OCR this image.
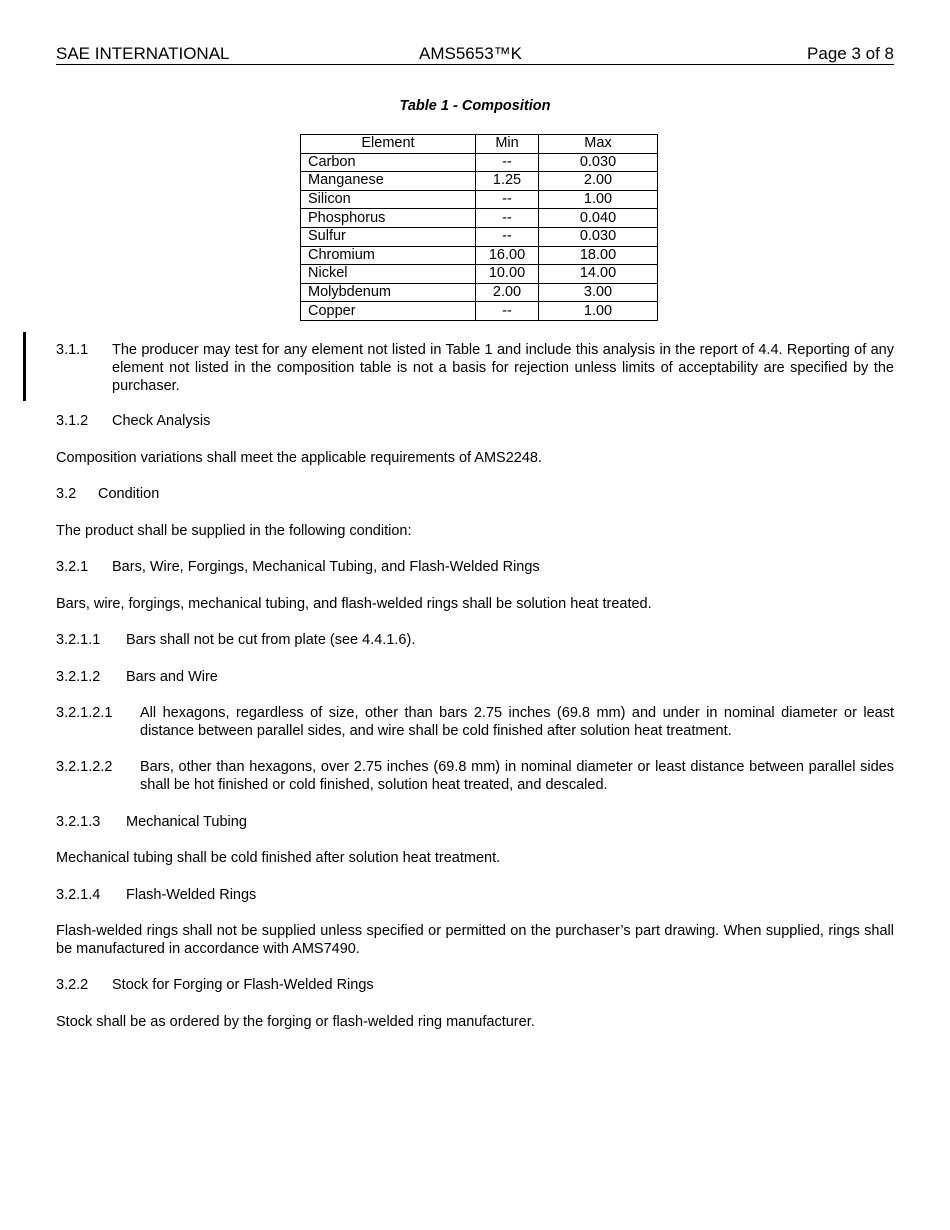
SAE INTERNATIONAL	AMS5653™K	Page 3 of 8
Table 1 - Composition
Element	Min	Max
Carbon	--	0.030
Manganese	1.25	2.00
Silicon	--	1.00
Phosphorus	--	0.040
Sulfur	--	0.030
Chromium	16.00	18.00
Nickel	10.00	14.00
Molybdenum	2.00	3.00
Copper	--	1.00
3.1.1	The producer may test for any element not listed in Table 1 and include this analysis in the report of 4.4. Reporting of any element not listed in the composition table is not a basis for rejection unless limits of acceptability are specified by the purchaser.
3.1.2	Check Analysis
Composition variations shall meet the applicable requirements of AMS2248.
3.2	Condition
The product shall be supplied in the following condition:
3.2.1	Bars, Wire, Forgings, Mechanical Tubing, and Flash-Welded Rings
Bars, wire, forgings, mechanical tubing, and flash-welded rings shall be solution heat treated.
3.2.1.1	Bars shall not be cut from plate (see 4.4.1.6).
3.2.1.2	Bars and Wire
3.2.1.2.1	All hexagons, regardless of size, other than bars 2.75 inches (69.8 mm) and under in nominal diameter or least distance between parallel sides, and wire shall be cold finished after solution heat treatment.
3.2.1.2.2	Bars, other than hexagons, over 2.75 inches (69.8 mm) in nominal diameter or least distance between parallel sides shall be hot finished or cold finished, solution heat treated, and descaled.
3.2.1.3	Mechanical Tubing
Mechanical tubing shall be cold finished after solution heat treatment.
3.2.1.4	Flash-Welded Rings
Flash-welded rings shall not be supplied unless specified or permitted on the purchaser’s part drawing. When supplied, rings shall be manufactured in accordance with AMS7490.
3.2.2	Stock for Forging or Flash-Welded Rings
Stock shall be as ordered by the forging or flash-welded ring manufacturer.
